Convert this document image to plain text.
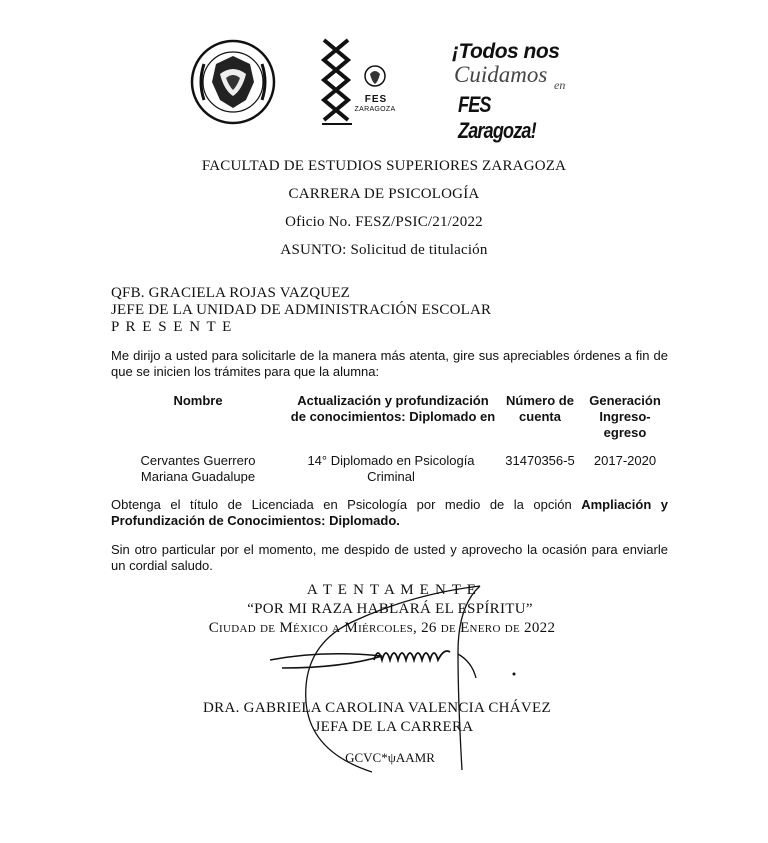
FES
ZARAGOZA
¡Todos nos
Cuidamos en
FES Zaragoza!
FACULTAD DE ESTUDIOS SUPERIORES ZARAGOZA
CARRERA DE PSICOLOGÍA
Oficio No. FESZ/PSIC/21/2022
ASUNTO: Solicitud de titulación
QFB. GRACIELA ROJAS VAZQUEZ
JEFE DE LA UNIDAD DE ADMINISTRACIÓN ESCOLAR
P R E S E N T E
Me dirijo a usted para solicitarle de la manera más atenta, gire sus apreciables órdenes a fin de que se inicien los trámites para que la alumna:
Nombre	Actualización y profundización de conocimientos: Diplomado en
Número de cuenta
Generación Ingreso-egreso
Cervantes Guerrero Mariana Guadalupe
14° Diplomado en Psicología Criminal
31470356-5	2017-2020
Obtenga el título de Licenciada en Psicología por medio de la opción Ampliación y Profundización de Conocimientos: Diplomado.
Sin otro particular por el momento, me despido de usted y aprovecho la ocasión para enviarle un cordial saludo.
A T E N T A M E N T E
“POR MI RAZA HABLARÁ EL ESPÍRITU”
Ciudad de México a Miércoles, 26 de Enero de 2022
DRA. GABRIELA CAROLINA VALENCIA CHÁVEZ
JEFA DE LA CARRERA
GCVC*ψAAMR
